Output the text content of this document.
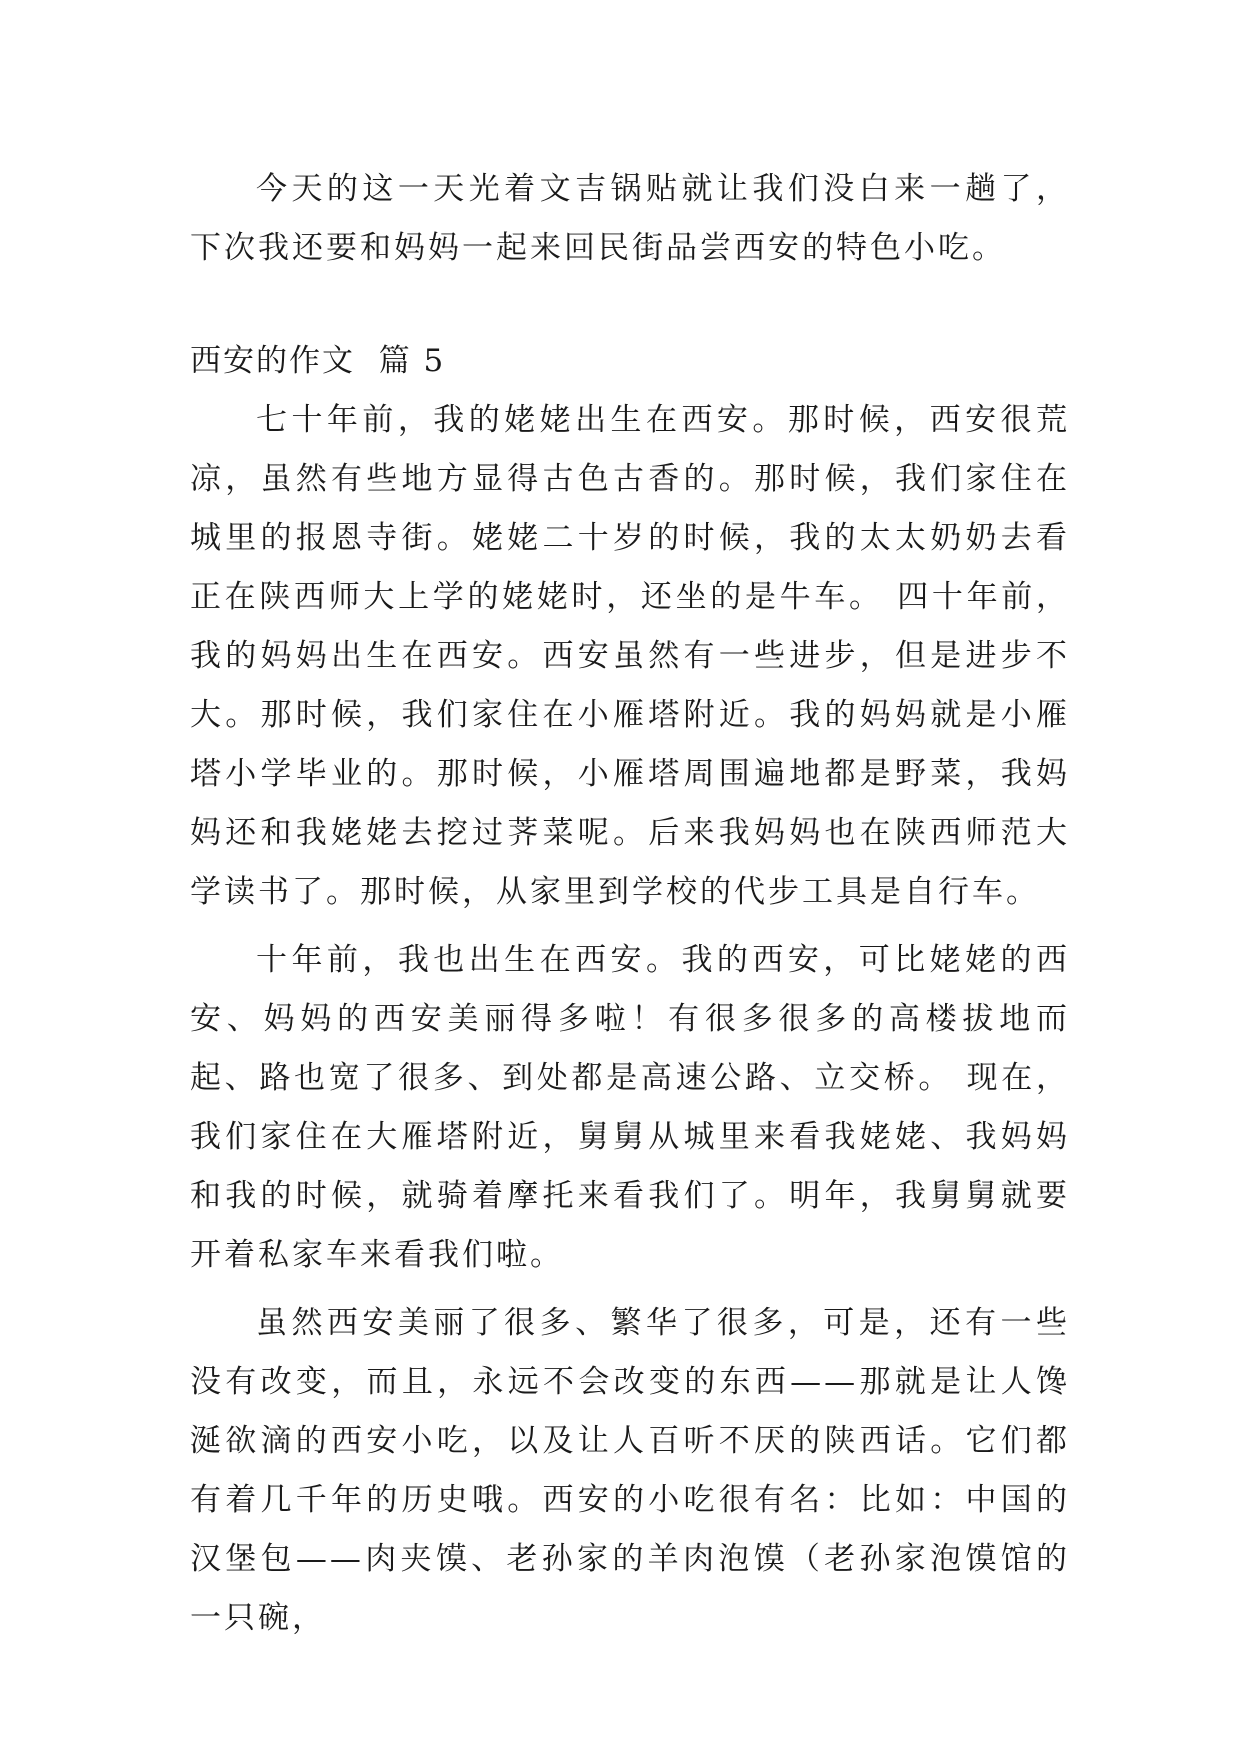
今天的这一天光着文吉锅贴就让我们没白来一趟了，下次我还要和妈妈一起来回民街品尝西安的特色小吃。

西安的作文  篇 5

七十年前，我的姥姥出生在西安。那时候，西安很荒凉，虽然有些地方显得古色古香的。那时候，我们家住在城里的报恩寺街。姥姥二十岁的时候，我的太太奶奶去看正在陕西师大上学的姥姥时，还坐的是牛车。 四十年前，我的妈妈出生在西安。西安虽然有一些进步，但是进步不大。那时候，我们家住在小雁塔附近。我的妈妈就是小雁塔小学毕业的。那时候，小雁塔周围遍地都是野菜，我妈妈还和我姥姥去挖过荠菜呢。后来我妈妈也在陕西师范大学读书了。那时候，从家里到学校的代步工具是自行车。

十年前，我也出生在西安。我的西安，可比姥姥的西安、妈妈的西安美丽得多啦！有很多很多的高楼拔地而起、路也宽了很多、到处都是高速公路、立交桥。 现在，我们家住在大雁塔附近，舅舅从城里来看我姥姥、我妈妈和我的时候，就骑着摩托来看我们了。明年，我舅舅就要开着私家车来看我们啦。

虽然西安美丽了很多、繁华了很多，可是，还有一些没有改变，而且，永远不会改变的东西——那就是让人馋涎欲滴的西安小吃，以及让人百听不厌的陕西话。它们都有着几千年的历史哦。西安的小吃很有名：比如：中国的汉堡包——肉夹馍、老孙家的羊肉泡馍（老孙家泡馍馆的一只碗，
